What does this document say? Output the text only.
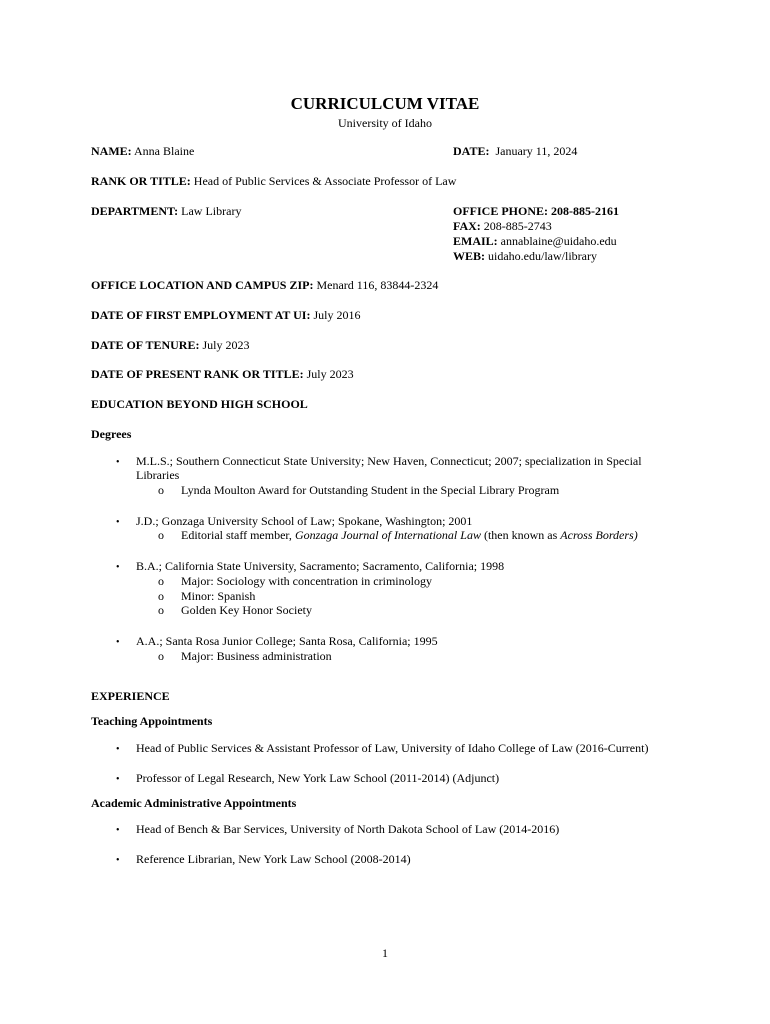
CURRICULCUM VITAE
University of Idaho
NAME: Anna Blaine	DATE:  January 11, 2024
RANK OR TITLE: Head of Public Services & Associate Professor of Law
DEPARTMENT: Law Library	OFFICE PHONE: 208-885-2161
FAX: 208-885-2743
EMAIL: annablaine@uidaho.edu
WEB: uidaho.edu/law/library
OFFICE LOCATION AND CAMPUS ZIP: Menard 116, 83844-2324
DATE OF FIRST EMPLOYMENT AT UI: July 2016
DATE OF TENURE: July 2023
DATE OF PRESENT RANK OR TITLE: July 2023
EDUCATION BEYOND HIGH SCHOOL
Degrees
• M.L.S.; Southern Connecticut State University; New Haven, Connecticut; 2007; specialization in Special
Libraries
o Lynda Moulton Award for Outstanding Student in the Special Library Program
• J.D.; Gonzaga University School of Law; Spokane, Washington; 2001
o Editorial staff member, Gonzaga Journal of International Law (then known as Across Borders)
• B.A.; California State University, Sacramento; Sacramento, California; 1998
o Major: Sociology with concentration in criminology
o Minor: Spanish
o Golden Key Honor Society
• A.A.; Santa Rosa Junior College; Santa Rosa, California; 1995
o Major: Business administration
EXPERIENCE
Teaching Appointments
• Head of Public Services & Assistant Professor of Law, University of Idaho College of Law (2016-Current)
• Professor of Legal Research, New York Law School (2011-2014) (Adjunct)
Academic Administrative Appointments
• Head of Bench & Bar Services, University of North Dakota School of Law (2014-2016)
• Reference Librarian, New York Law School (2008-2014)
1
